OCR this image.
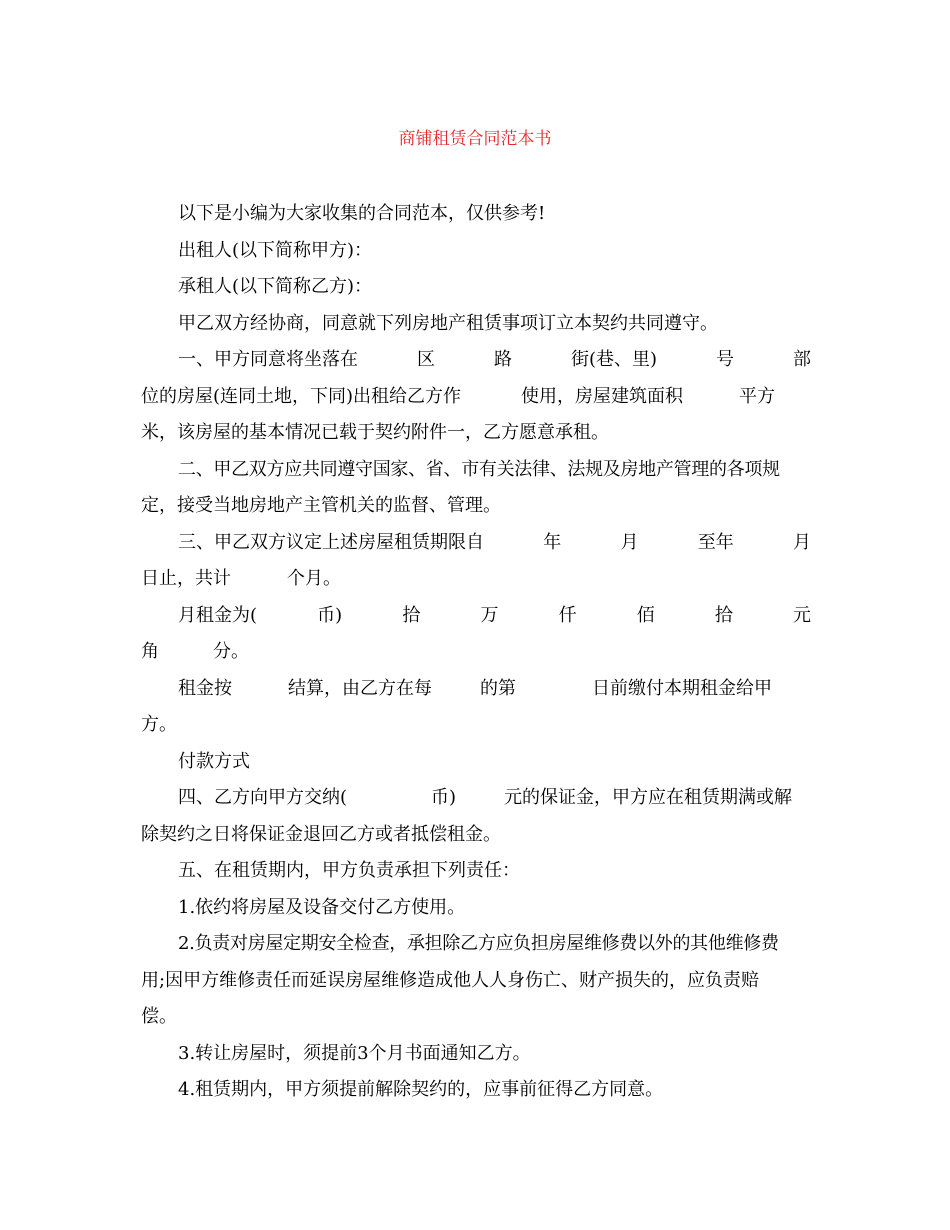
商铺租赁合同范本书
以下是小编为大家收集的合同范本，仅供参考!
出租人(以下简称甲方)：
承租人(以下简称乙方)：
甲乙双方经协商，同意就下列房地产租赁事项订立本契约共同遵守。
一、甲方同意将坐落在	区	路	街(巷、里)	号	部
位的房屋(连同土地，下同)出租给乙方作	使用，房屋建筑面积	平方
米，该房屋的基本情况已载于契约附件一，乙方愿意承租。
二、甲乙双方应共同遵守国家、省、市有关法律、法规及房地产管理的各项规
定，接受当地房地产主管机关的监督、管理。
三、甲乙双方议定上述房屋租赁期限自	年	月	至年	月
日止，共计	个月。
月租金为(	币)	拾	万	仟	佰	拾	元
角	分。
租金按	结算，由乙方在每	的第	日前缴付本期租金给甲
方。
付款方式
四、乙方向甲方交纳(	币)	元的保证金，甲方应在租赁期满或解
除契约之日将保证金退回乙方或者抵偿租金。
五、在租赁期内，甲方负责承担下列责任：
1.依约将房屋及设备交付乙方使用。
2.负责对房屋定期安全检查，承担除乙方应负担房屋维修费以外的其他维修费
用;因甲方维修责任而延误房屋维修造成他人人身伤亡、财产损失的，应负责赔
偿。
3.转让房屋时，须提前3个月书面通知乙方。
4.租赁期内，甲方须提前解除契约的，应事前征得乙方同意。
